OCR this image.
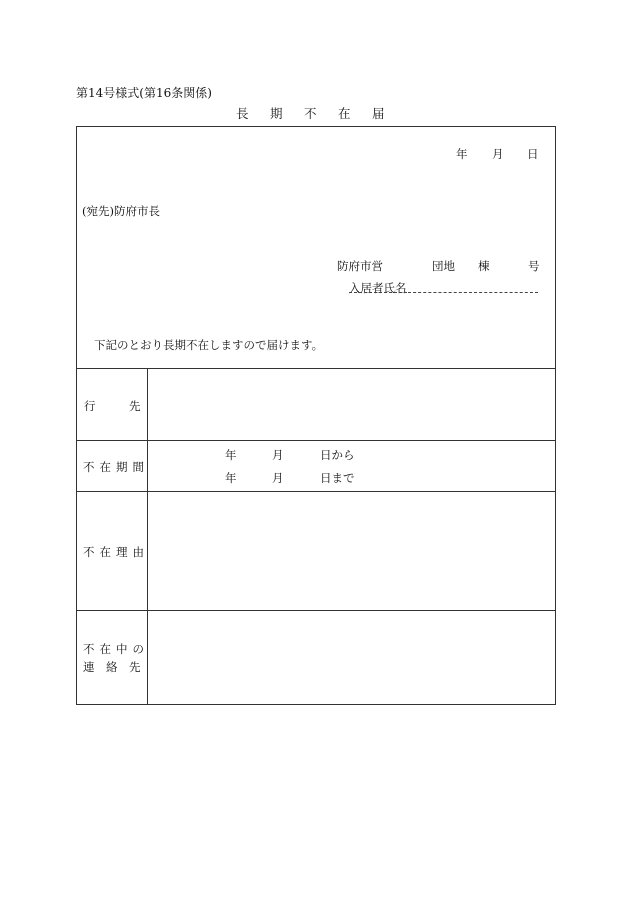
第14号様式(第16条関係)
長 期 不 在 届
年 月 日
(宛先)防府市長
防府市営	団地 棟	号
入居者氏名
下記のとおり長期不在しますので届けます。
行	先
不在期間
年	月	日から
年	月	日まで
不在理由
不在中の
連 絡 先
